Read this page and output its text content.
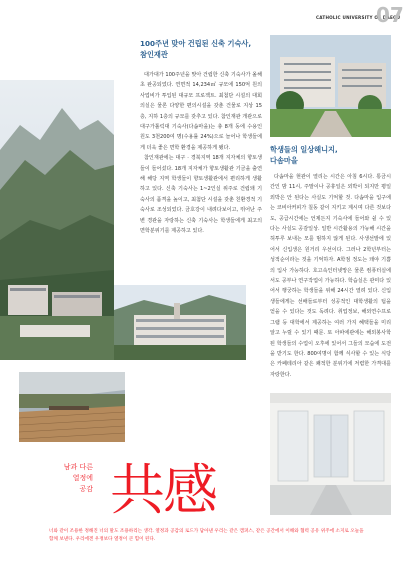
CATHOLIC UNIVERSITY OF DAEGU
07
100주년 맞아 건립된 신축 기숙사,
참인재관

대가대가 100주년을 맞아 건립한 신축 기숙사가 올해 초 완공되었다. 연면적 14,234㎡ 규모에 150억 원의 사업비가 투입된 대규모 프로젝트. 최첨단 시설의 대회의실은 물론 다양한 편의시설을 갖춘 건물로 지상 15층, 지하 1층의 규모를 갖추고 있다. 참인재관 개관으로 대구가톨릭대 기숙사(다솜마을)는 총 8개 동에 수용인원도 3천200여 명(수용률 24%)으로 늘어나 학생들에게 더욱 좋은 면학 환경을 제공하게 됐다.

참인재관에는 대구 · 경북지역 18개 지자체의 향토생들이 들어섰다. 18개 지자체가 향토생활관 기금을 출연해 해당 지역 학생들이 향토생활관에서 편리하게 생활하고 있다. 신축 기숙사는 1~2인실 위주로 건립돼 기숙사의 품격을 높이고, 최첨단 시설을 갖춘 친환경적 기숙사로 조성되었다. 금호강이 내려다보이고, 뛰어난 주변 경관을 자랑하는 신축 기숙사는 학생들에게 최고의 면학분위기를 제공하고 있다.

학생들의 일상해니지,
다솜마을

다솜마을 현관이 열리는 시간은 아침 6시다. 통금시간인 밤 11시, 주말이나 공휴일은 외박이 되지만 평일외박은 안 된다는 사실도 기억할 것. 다솜마을 입구에는 코비아커피가 칠동 같이 지키고 계시며 다른 것보다도, 공급시간에는 언제든지 기숙사에 들어와 쉴 수 있다는 사실도 공감일상. 일반 시간활용의 가능해 시간을 허투루 보내는 모를 범하지 않게 된다. 사생선발에 있어서 신입생은 원거리 우선이다. 그러나 2학년부터는 성적순이라는 것을 기억하자. A학점 정도는 돼야 기쁨의 입사 가능하다. 호고속인터넷망은 물론 컴퓨터실에서도 공부나 연구작업이 가능하다. 학습실은 관미다 있어서 행궁하는 학생들을 위해 24시간 열려 있다. 신입생들에게는 선배들로부터 성공적인 대학생활의 팁을 얻을 수 있다는 것도 독려다. 취업정보, 해외연수프로그램 등 대학에서 제공하는 여러 가지 혜택들을 미리 알고 누릴 수 있기 때문. 또 아파에관에는 해외봉사학된 학생들의 수업이 오후에 있어서 그들의 모습에 도전을 받기도 한다. 800여명이 함께 식사할 수 있는 식당은 카페테리아 같은 쾌적한 분위기에 저렴한 가격대를 자랑한다.

남과 다른
열정에
공감 共感
너와 같이 조용한 정해진 너의 말도 조용하리는 생각. 열정과 공감의 로드가 담아낸 우리는 같은 캠퍼스, 같은 공간에서 이해와 협력 공유 위주에 소지로 오늘을 함께 보낸다. 우리에겐 우정보다 열정이 큰 힘이 된다.
